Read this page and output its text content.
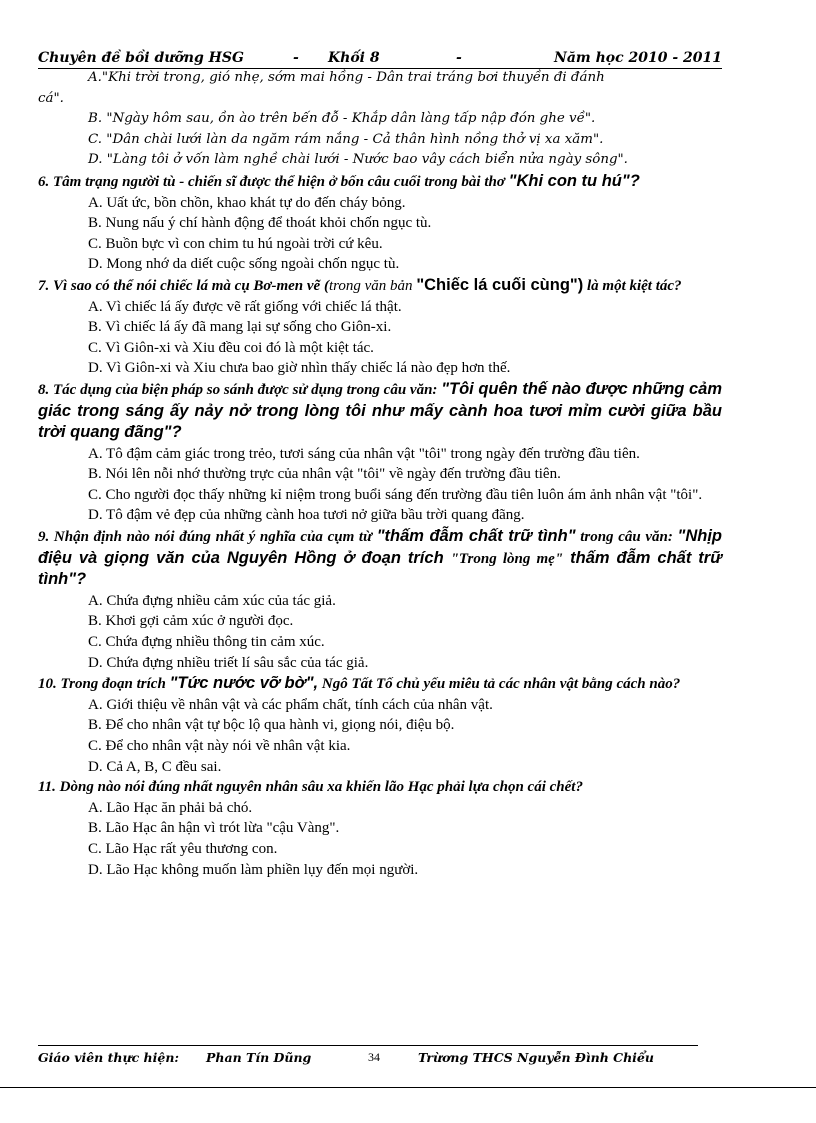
Chuyên đề bồi dưỡng HSG	- Khối 8	-	Năm học 2010 - 2011

A."Khi trời trong, gió nhẹ, sớm mai hồng - Dân trai tráng bơi thuyền đi đánh
cá".

B. "Ngày hôm sau, ồn ào trên bến đỗ - Khắp dân làng tấp nập đón ghe về".

C. "Dân chài lưới làn da ngăm rám nắng - Cả thân hình nồng thở vị xa xăm".

D. "Làng tôi ở vốn làm nghề chài lưới - Nước bao vây cách biển nửa ngày sông".

6. Tâm trạng người tù - chiến sĩ được thể hiện ở bốn câu cuối trong bài thơ "Khi con tu hú"?

A. Uất ức, bồn chồn, khao khát tự do đến cháy bỏng.

B. Nung nấu ý chí hành động để thoát khỏi chốn ngục tù.

C. Buồn bực vì con chim tu hú ngoài trời cứ kêu.

D. Mong nhớ da diết cuộc sống ngoài chốn ngục tù.

7. Vì sao có thể nói chiếc lá mà cụ Bơ-men vẽ (trong văn bản "Chiếc lá cuối cùng") là một kiệt tác?

A. Vì chiếc lá ấy được vẽ rất giống với chiếc lá thật.

B. Vì chiếc lá ấy đã mang lại sự sống cho Giôn-xi.

C. Vì Giôn-xi và Xiu đều coi đó là một kiệt tác.

D. Vì Giôn-xi và Xiu chưa bao giờ nhìn thấy chiếc lá nào đẹp hơn thế.

8. Tác dụng của biện pháp so sánh được sử dụng trong câu văn: "Tôi quên thế nào được những cảm giác trong sáng ấy nảy nở trong lòng tôi như mấy cành hoa tươi mỉm cười giữa bầu trời quang đãng"?

A. Tô đậm cảm giác trong trẻo, tươi sáng của nhân vật "tôi" trong ngày đến trường đầu tiên.

B. Nói lên nỗi nhớ thường trực của nhân vật "tôi" về ngày đến trường đầu tiên.

C. Cho người đọc thấy những kỉ niệm trong buổi sáng đến trường đầu tiên luôn ám ảnh nhân vật "tôi".

D. Tô đậm vẻ đẹp của những cành hoa tươi nở giữa bầu trời quang đãng.

9. Nhận định nào nói đúng nhất ý nghĩa của cụm từ "thấm đẫm chất trữ tình" trong câu văn: "Nhịp điệu và giọng văn của Nguyên Hồng ở đoạn trích "Trong lòng mẹ" thấm đẫm chất trữ tình"?

A. Chứa đựng nhiều cảm xúc của tác giả.

B. Khơi gợi cảm xúc ở người đọc.

C. Chứa đựng nhiều thông tin cảm xúc.

D. Chứa đựng nhiều triết lí sâu sắc của tác giả.

10. Trong đoạn trích "Tức nước vỡ bờ", Ngô Tất Tố chủ yếu miêu tả các nhân vật bằng cách nào?

A. Giới thiệu về nhân vật và các phẩm chất, tính cách của nhân vật.

B. Để cho nhân vật tự bộc lộ qua hành vi, giọng nói, điệu bộ.

C. Để cho nhân vật này nói về nhân vật kia.

D. Cả A, B, C đều sai.

11. Dòng nào nói đúng nhất nguyên nhân sâu xa khiến lão Hạc phải lựa chọn cái chết?

A. Lão Hạc ăn phải bả chó.

B. Lão Hạc ân hận vì trót lừa "cậu Vàng".

C. Lão Hạc rất yêu thương con.

D. Lão Hạc không muốn làm phiền lụy đến mọi người.

Giáo viên thực hiện: Phan Tín Dũng	34	Trừơng THCS Nguyễn Đình Chiểu
